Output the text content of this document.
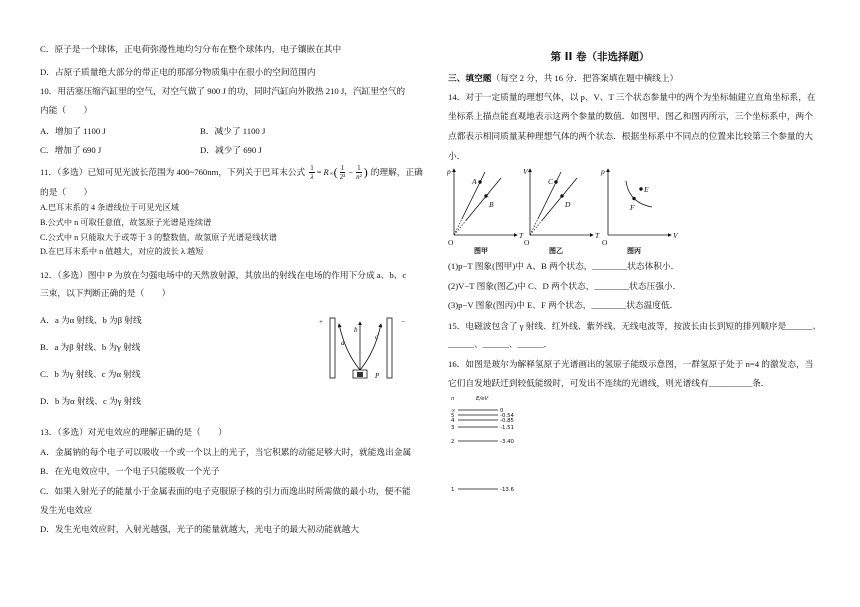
C．原子是一个球体，正电荷弥漫性地均匀分布在整个球体内，电子镶嵌在其中
D．占原子质量绝大部分的带正电的那部分物质集中在很小的空间范围内
10．用活塞压缩汽缸里的空气，对空气做了 900 J 的功，同时汽缸向外散热 210 J，汽缸里空气的
内能（　　）
A．增加了 1100 J	B．减少了 1100 J
C．增加了 690 J	D．减少了 690 J
11．（多选）已知可见光波长范围为 400~760nm，下列关于巴耳末公式 $\frac{1}{\lambda} = R$ ∞ ( $\frac{1}{\text{2²}} - \frac{1}{\text{n²}}$ ) 的理解，正确
的是（　　）
A.巴耳末系的 4 条谱线位于可见光区域
B.公式中 n 可取任意值，故氢原子光谱是连续谱
C.公式中 n 只能取大于或等于 3 的整数值，故氢原子光谱是线状谱
D.在巴耳末系中 n 值越大，对应的波长 λ 越短
12．（多选）图中 P 为放在匀强电场中的天然放射源，其放出的射线在电场的作用下分成 a、b、c
三束，以下判断正确的是（　　）
A．a 为α 射线、b 为β 射线
B．a 为β 射线、b 为γ 射线
C．b 为γ 射线、c 为α 射线
D．b 为α 射线、c 为γ 射线
+	−
a
b
c
P
13．（多选）对光电效应的理解正确的是（　　）
A．金属钠的每个电子可以吸收一个或一个以上的光子，当它积累的动能足够大时，就能逸出金属
B．在光电效应中，一个电子只能吸收一个光子
C．如果入射光子的能量小于金属表面的电子克服原子核的引力而逸出时所需做的最小功，便不能
发生光电效应
D．发生光电效应时，入射光越强，光子的能量就越大，光电子的最大初动能就越大
第 II 卷（非选择题）
三、填空题（每空 2 分，共 16 分．把答案填在题中横线上）
14．对于一定质量的理想气体，以 p、V、T 三个状态参量中的两个为坐标轴建立直角坐标系，在
坐标系上描点能直观地表示这两个参量的数值．如图甲、图乙和图丙所示，三个坐标系中，两个
点都表示相同质量某种理想气体的两个状态．根据坐标系中不同点的位置来比较第三个参量的大
小．
A
B
p
T
O
图甲
C
D
V
T
O
图乙
E
F
p
V
O
图丙
(1)p−T 图象(图甲)中 A、B 两个状态，________状态体积小．
(2)V−T 图象(图乙)中 C、D 两个状态，________状态压强小．
(3)p−V 图象(图丙)中 E、F 两个状态，________状态温度低．
15．电磁波包含了 γ 射线、红外线、紫外线、无线电波等，按波长由长到短的排列顺序是______、
______、______、______．
16．如图是玻尔为解释氢原子光谱画出的氢原子能级示意图，一群氢原子处于 n=4 的激发态，当
它们自发地跃迁到较低能级时，可发出不连续的光谱线，则光谱线有__________条．
n	E/eV
∞	0
5	-0.54
4	-0.85
3	-1.51
2	-3.40
1	-13.6
